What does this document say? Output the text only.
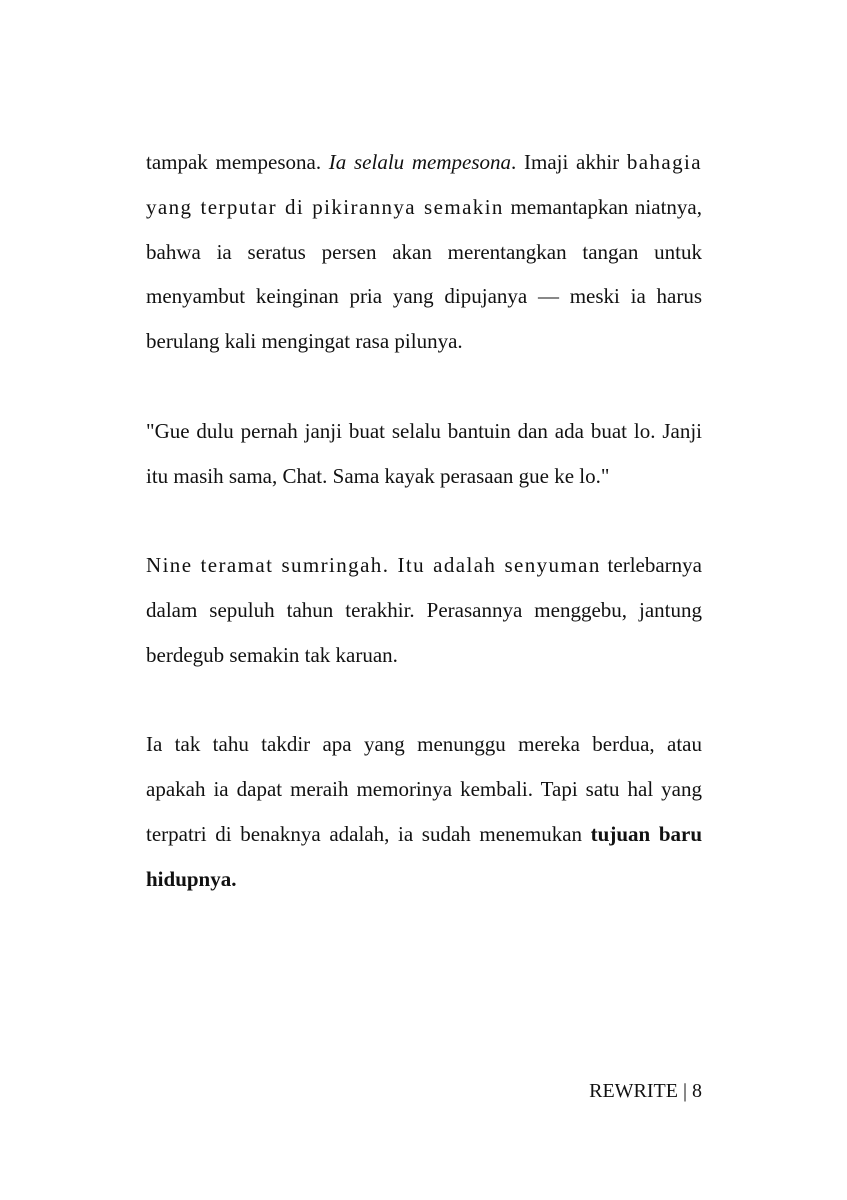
tampak mempesona. Ia selalu mempesona. Imaji akhir bahagia yang terputar di pikirannya semakin memantapkan niatnya, bahwa ia seratus persen akan merentangkan tangan untuk menyambut keinginan pria yang dipujanya — meski ia harus berulang kali mengingat rasa pilunya.

"Gue dulu pernah janji buat selalu bantuin dan ada buat lo. Janji itu masih sama, Chat. Sama kayak perasaan gue ke lo."

Nine teramat sumringah. Itu adalah senyuman terlebarnya dalam sepuluh tahun terakhir. Perasannya menggebu, jantung berdegub semakin tak karuan.

Ia tak tahu takdir apa yang menunggu mereka berdua, atau apakah ia dapat meraih memorinya kembali. Tapi satu hal yang terpatri di benaknya adalah, ia sudah menemukan tujuan baru hidupnya.

REWRITE | 8
